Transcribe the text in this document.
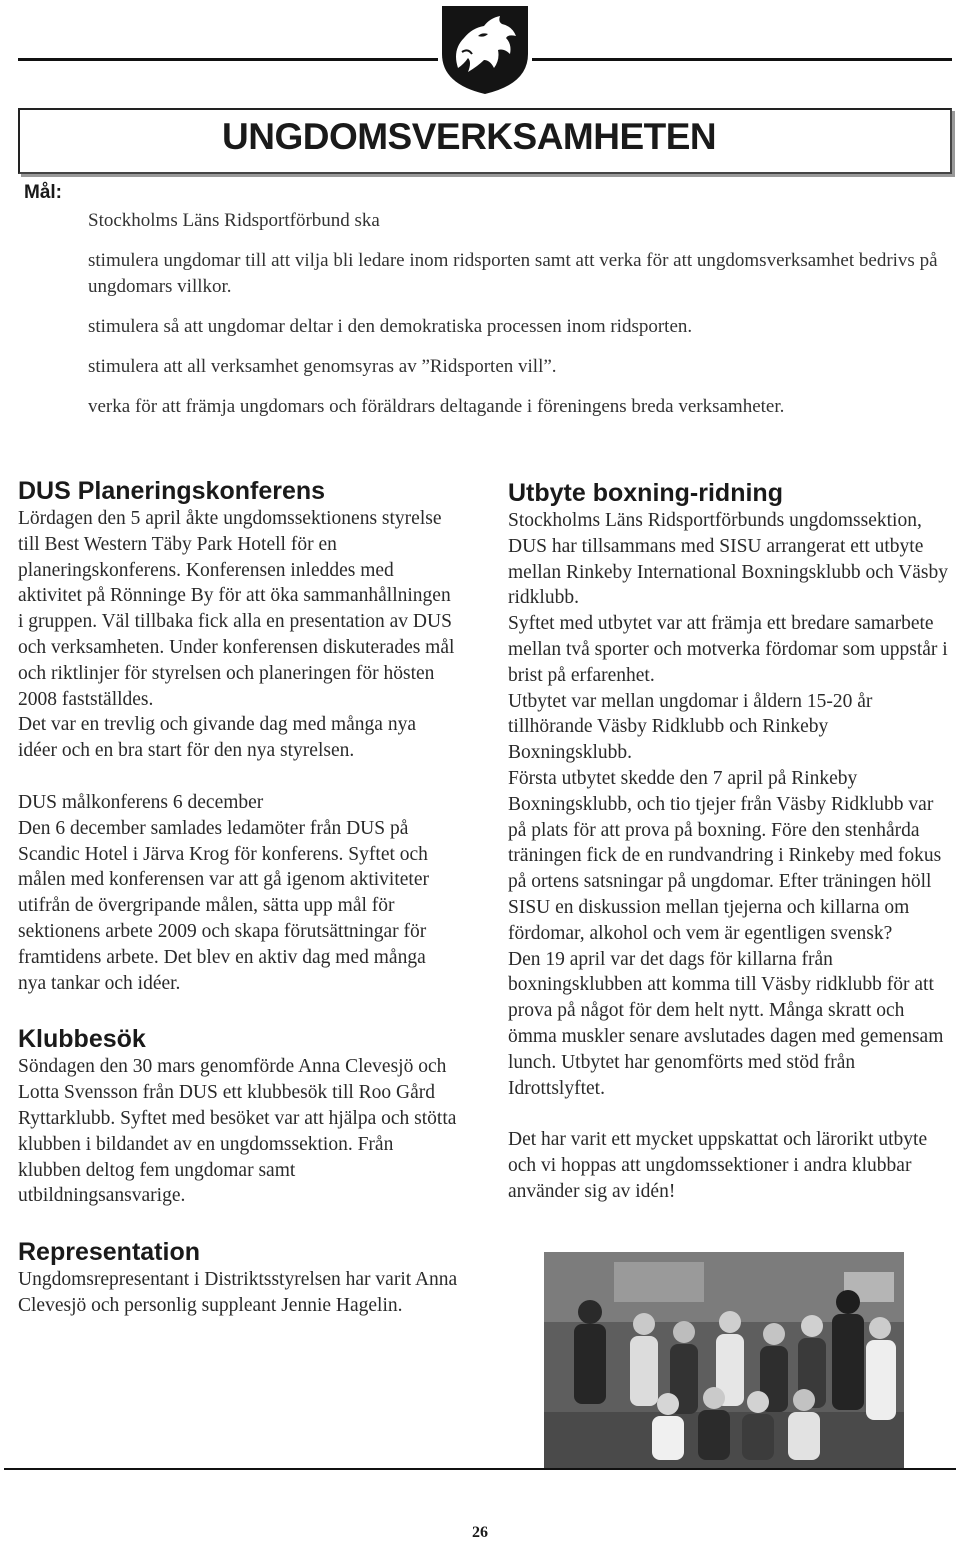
UNGDOMSVERKSAMHETEN
Mål:

Stockholms Läns Ridsportförbund ska

stimulera ungdomar till att vilja bli ledare inom ridsporten samt att verka för att ungdomsverksamhet bedrivs på ungdomars villkor.

stimulera så att ungdomar deltar i den demokratiska processen inom ridsporten.

stimulera att all verksamhet genomsyras av ”Ridsporten vill”.

verka för att främja ungdomars och föräldrars deltagande i föreningens breda verksamheter.

DUS Planeringskonferens

Lördagen den 5 april åkte ungdomssektionens styrelse till Best Western Täby Park Hotell för en planeringskonferens. Konferensen inleddes med aktivitet på Rönninge By för att öka sammanhållningen i gruppen. Väl tillbaka fick alla en presentation av DUS och verksamheten. Under konferensen diskuterades mål och riktlinjer för styrelsen och planeringen för hösten 2008 fastställdes.

Det var en trevlig och givande dag med många nya idéer och en bra start för den nya styrelsen.

DUS målkonferens 6 december

Den 6 december samlades ledamöter från DUS på Scandic Hotel i Järva Krog för konferens. Syftet och målen med konferensen var att gå igenom aktiviteter utifrån de övergripande målen, sätta upp mål för sektionens arbete 2009 och skapa förutsättningar för framtidens arbete. Det blev en aktiv dag med många nya tankar och idéer.

Klubbesök

Söndagen den 30 mars genomförde Anna Clevesjö och Lotta Svensson från DUS ett klubbesök till Roo Gård Ryttarklubb. Syftet med besöket var att hjälpa och stötta klubben i bildandet av en ungdomssektion. Från klubben deltog fem ungdomar samt utbildningsansvarige.

Representation

Ungdomsrepresentant i Distriktsstyrelsen har varit Anna Clevesjö och personlig suppleant Jennie Hagelin.

Utbyte boxning-ridning

Stockholms Läns Ridsportförbunds ungdomssektion, DUS har tillsammans med SISU arrangerat ett utbyte mellan Rinkeby International Boxningsklubb och Väsby ridklubb.

Syftet med utbytet var att främja ett bredare samarbete mellan två sporter och motverka fördomar som uppstår i brist på erfarenhet.

Utbytet var mellan ungdomar i åldern 15-20 år tillhörande Väsby Ridklubb och Rinkeby Boxningsklubb.

Första utbytet skedde den 7 april på Rinkeby Boxningsklubb, och tio tjejer från Väsby Ridklubb var på plats för att prova på boxning. Före den stenhårda träningen fick de en rundvandring i Rinkeby med fokus på ortens satsningar på ungdomar. Efter träningen höll SISU en diskussion mellan tjejerna och killarna om fördomar, alkohol och vem är egentligen svensk?

Den 19 april var det dags för killarna från boxningsklubben att komma till Väsby ridklubb för att prova på något för dem helt nytt. Många skratt och ömma muskler senare avslutades dagen med gemensam lunch. Utbytet har genomförts med stöd från Idrottslyftet.

Det har varit ett mycket uppskattat och lärorikt utbyte och vi hoppas att ungdomssektioner i andra klubbar använder sig av idén!

26
